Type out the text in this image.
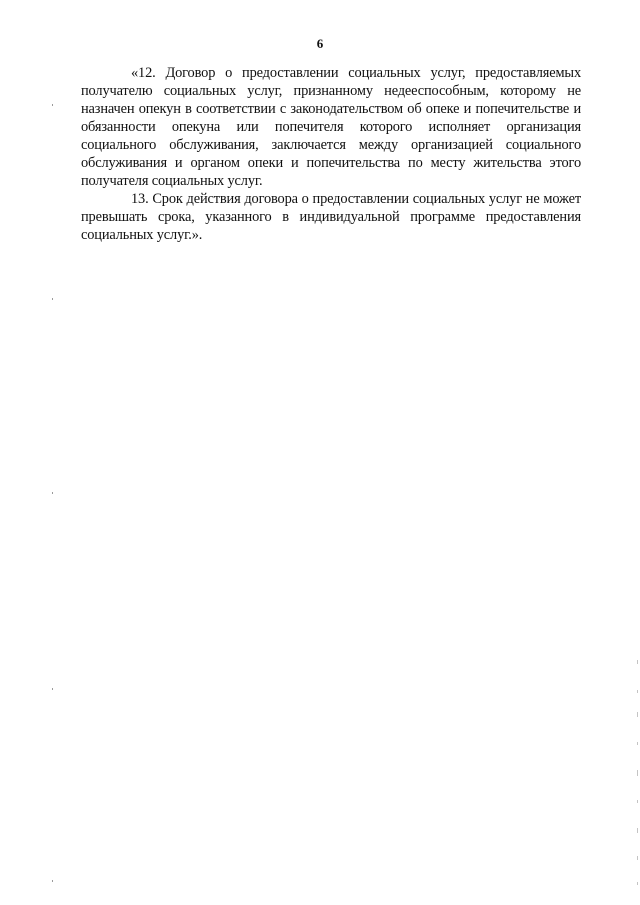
6

«12. Договор о предоставлении социальных услуг, предоставляемых получателю социальных услуг, признанному недееспособным, которому не назначен опекун в соответствии с законодательством об опеке и попечительстве и обязанности опекуна или попечителя которого исполняет организация социального обслуживания, заключается между организацией социального обслуживания и органом опеки и попечительства по месту жительства этого получателя социальных услуг.

13. Срок действия договора о предоставлении социальных услуг не может превышать срока, указанного в индивидуальной программе предоставления социальных услуг.».
